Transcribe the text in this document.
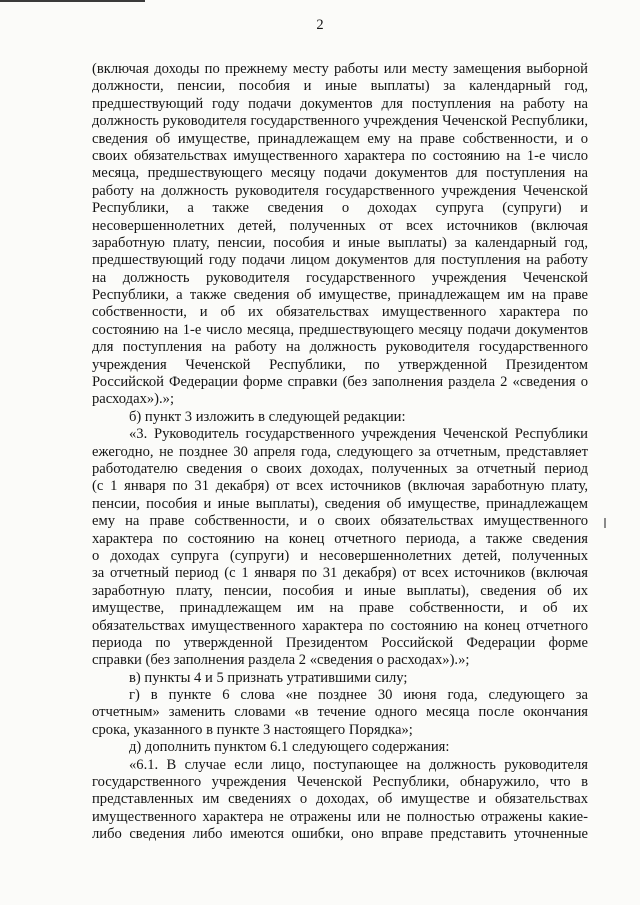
2
(включая доходы по прежнему месту работы или месту замещения выборной
должности, пенсии, пособия и иные выплаты) за календарный год,
предшествующий году подачи документов для поступления на работу на
должность руководителя государственного учреждения Чеченской Республики,
сведения об имуществе, принадлежащем ему на праве собственности, и о
своих обязательствах имущественного характера по состоянию на 1-е число
месяца, предшествующего месяцу подачи документов для поступления на
работу на должность руководителя государственного учреждения Чеченской
Республики, а также сведения о доходах супруга (супруги) и
несовершеннолетних детей, полученных от всех источников (включая
заработную плату, пенсии, пособия и иные выплаты) за календарный год,
предшествующий году подачи лицом документов для поступления на работу
на должность руководителя государственного учреждения Чеченской
Республики, а также сведения об имуществе, принадлежащем им на праве
собственности, и об их обязательствах имущественного характера по
состоянию на 1-е число месяца, предшествующего месяцу подачи документов
для поступления на работу на должность руководителя государственного
учреждения Чеченской Республики, по утвержденной Президентом
Российской Федерации форме справки (без заполнения раздела 2 «сведения о
расходах»).»;
б) пункт 3 изложить в следующей редакции:
«3. Руководитель государственного учреждения Чеченской Республики
ежегодно, не позднее 30 апреля года, следующего за отчетным, представляет
работодателю сведения о своих доходах, полученных за отчетный период
(с 1 января по 31 декабря) от всех источников (включая заработную плату,
пенсии, пособия и иные выплаты), сведения об имуществе, принадлежащем
ему на праве собственности, и о своих обязательствах имущественного
характера по состоянию на конец отчетного периода, а также сведения
о доходах супруга (супруги) и несовершеннолетних детей, полученных
за отчетный период (с 1 января по 31 декабря) от всех источников (включая
заработную плату, пенсии, пособия и иные выплаты), сведения об их
имуществе, принадлежащем им на праве собственности, и об их
обязательствах имущественного характера по состоянию на конец отчетного
периода по утвержденной Президентом Российской Федерации форме
справки (без заполнения раздела 2 «сведения о расходах»).»;
в) пункты 4 и 5 признать утратившими силу;
г) в пункте 6 слова «не позднее 30 июня года, следующего за
отчетным» заменить словами «в течение одного месяца после окончания
срока, указанного в пункте 3 настоящего Порядка»;
д) дополнить пунктом 6.1 следующего содержания:
«6.1. В случае если лицо, поступающее на должность руководителя
государственного учреждения Чеченской Республики, обнаружило, что в
представленных им сведениях о доходах, об имуществе и обязательствах
имущественного характера не отражены или не полностью отражены какие-
либо сведения либо имеются ошибки, оно вправе представить уточненные
